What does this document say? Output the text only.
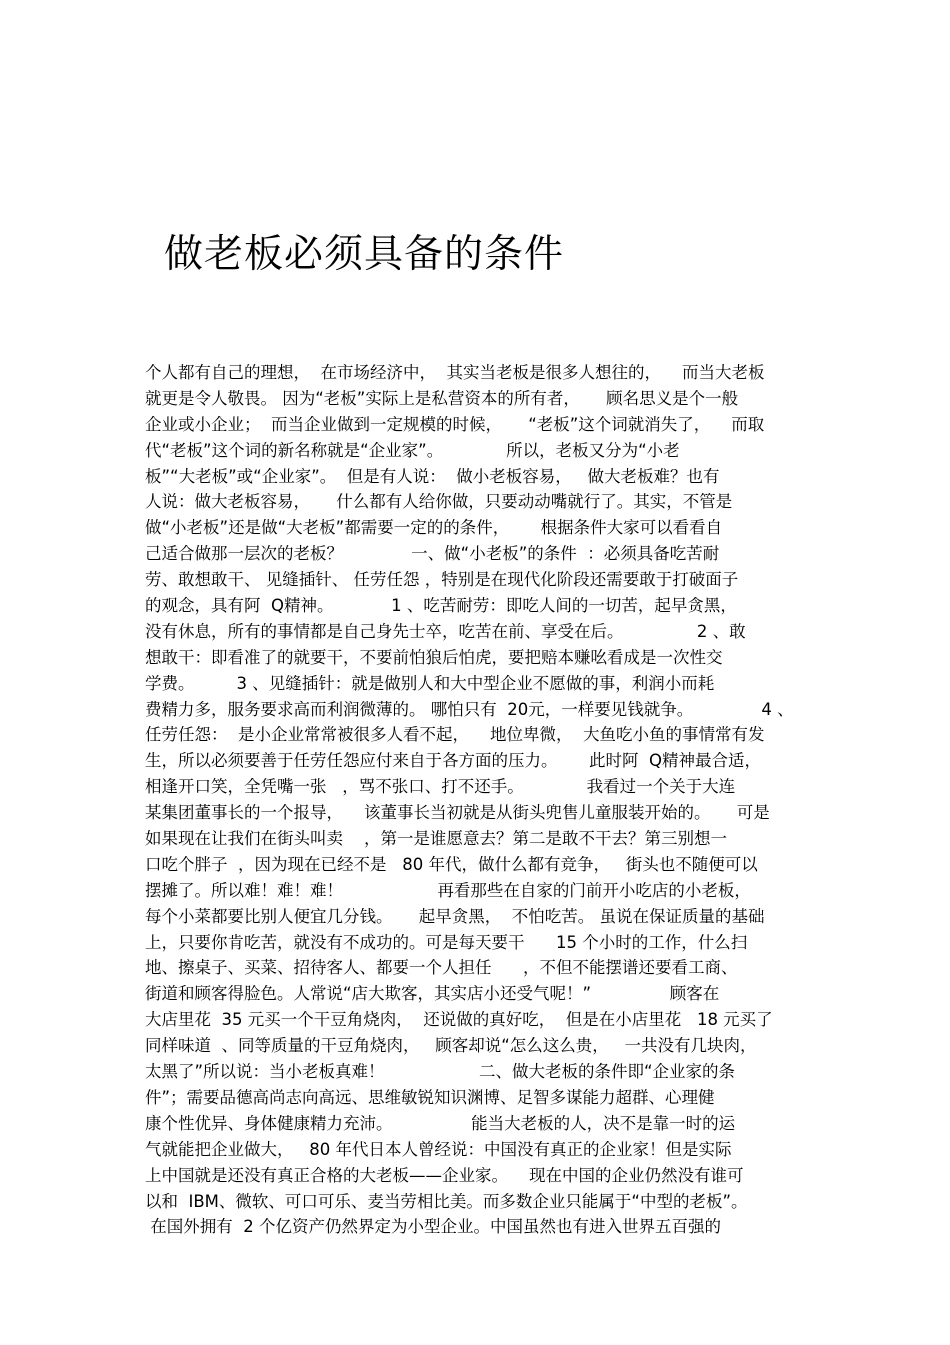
做老板必须具备的条件
个人都有自己的理想，  在市场经济中，  其实当老板是很多人想往的，    而当大老板
就更是令人敬畏。 因为“老板”实际上是私营资本的所有者，     顾名思义是个一般
企业或小企业；  而当企业做到一定规模的时候，     “老板”这个词就消失了，    而取
代“老板”这个词的新名称就是“企业家”。            所以，老板又分为“小老
板”“大老板”或“企业家”。  但是有人说：  做小老板容易，   做大老板难？也有
人说：做大老板容易，     什么都有人给你做，只要动动嘴就行了。其实，不管是
做“小老板”还是做“大老板”都需要一定的的条件，      根据条件大家可以看看自
己适合做那一层次的老板？             一、做“小老板”的条件  ：必须具备吃苦耐
劳、敢想敢干、 见缝插针、 任劳任怨 ，特别是在现代化阶段还需要敢于打破面子
的观念，具有阿  Q精神。           1 、吃苦耐劳：即吃人间的一切苦，起早贪黑，
没有休息，所有的事情都是自己身先士卒，吃苦在前、享受在后。              2 、敢
想敢干：即看准了的就要干，不要前怕狼后怕虎，要把赔本赚吆看成是一次性交
学费。        3 、见缝插针：就是做别人和大中型企业不愿做的事，利润小而耗
费精力多，服务要求高而利润微薄的。 哪怕只有  20元，一样要见钱就争。             4 、
任劳任怨：  是小企业常常被很多人看不起，    地位卑微，  大鱼吃小鱼的事情常有发
生，所以必须要善于任劳任怨应付来自于各方面的压力。      此时阿  Q精神最合适，
相逢开口笑，全凭嘴一张   ，骂不张口、打不还手。            我看过一个关于大连
某集团董事长的一个报导，    该董事长当初就是从街头兜售儿童服装开始的。     可是
如果现在让我们在街头叫卖    ，第一是谁愿意去？第二是敢不干去？第三别想一
口吃个胖子  ，因为现在已经不是   80 年代，做什么都有竞争，   街头也不随便可以
摆摊了。所以难！难！难！                  再看那些在自家的门前开小吃店的小老板，
每个小菜都要比别人便宜几分钱。     起早贪黑，  不怕吃苦。 虽说在保证质量的基础
上，只要你肯吃苦，就没有不成功的。可是每天要干      15 个小时的工作，什么扫
地、擦桌子、买菜、招待客人、都要一个人担任      ，不但不能摆谱还要看工商、
街道和顾客得脸色。人常说“店大欺客，其实店小还受气呢！”               顾客在
大店里花  35 元买一个干豆角烧肉，  还说做的真好吃，  但是在小店里花   18 元买了
同样味道  、同等质量的干豆角烧肉，   顾客却说“怎么这么贵，   一共没有几块肉，
太黑了”所以说：当小老板真难！                  二、做大老板的条件即“企业家的条
件”；需要品德高尚志向高远、思维敏锐知识渊博、足智多谋能力超群、心理健
康个性优异、身体健康精力充沛。               能当大老板的人，决不是靠一时的运
气就能把企业做大，   80 年代日本人曾经说：中国没有真正的企业家！但是实际
上中国就是还没有真正合格的大老板——企业家。    现在中国的企业仍然没有谁可
以和  IBM、微软、可口可乐、麦当劳相比美。而多数企业只能属于“中型的老板”。
在国外拥有  2 个亿资产仍然界定为小型企业。中国虽然也有进入世界五百强的
